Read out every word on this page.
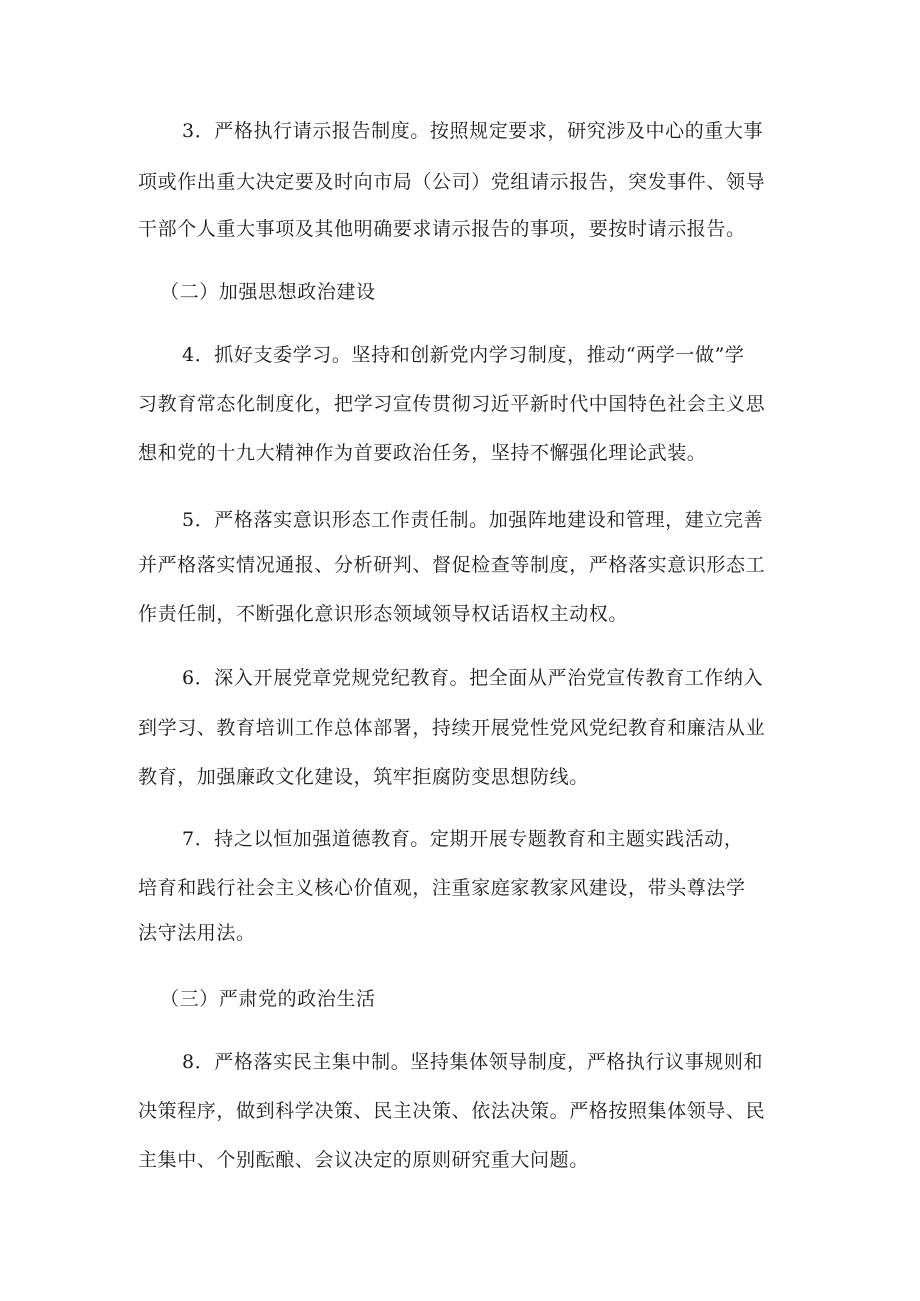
3．严格执行请示报告制度。按照规定要求，研究涉及中心的重大事
项或作出重大决定要及时向市局（公司）党组请示报告，突发事件、领导
干部个人重大事项及其他明确要求请示报告的事项，要按时请示报告。
（二）加强思想政治建设
4．抓好支委学习。坚持和创新党内学习制度，推动“两学一做”学
习教育常态化制度化，把学习宣传贯彻习近平新时代中国特色社会主义思
想和党的十九大精神作为首要政治任务，坚持不懈强化理论武装。
5．严格落实意识形态工作责任制。加强阵地建设和管理，建立完善
并严格落实情况通报、分析研判、督促检查等制度，严格落实意识形态工
作责任制，不断强化意识形态领域领导权话语权主动权。
6．深入开展党章党规党纪教育。把全面从严治党宣传教育工作纳入
到学习、教育培训工作总体部署，持续开展党性党风党纪教育和廉洁从业
教育，加强廉政文化建设，筑牢拒腐防变思想防线。
7．持之以恒加强道德教育。定期开展专题教育和主题实践活动，
培育和践行社会主义核心价值观，注重家庭家教家风建设，带头尊法学
法守法用法。
（三）严肃党的政治生活
8．严格落实民主集中制。坚持集体领导制度，严格执行议事规则和
决策程序，做到科学决策、民主决策、依法决策。严格按照集体领导、民
主集中、个别酝酿、会议决定的原则研究重大问题。
